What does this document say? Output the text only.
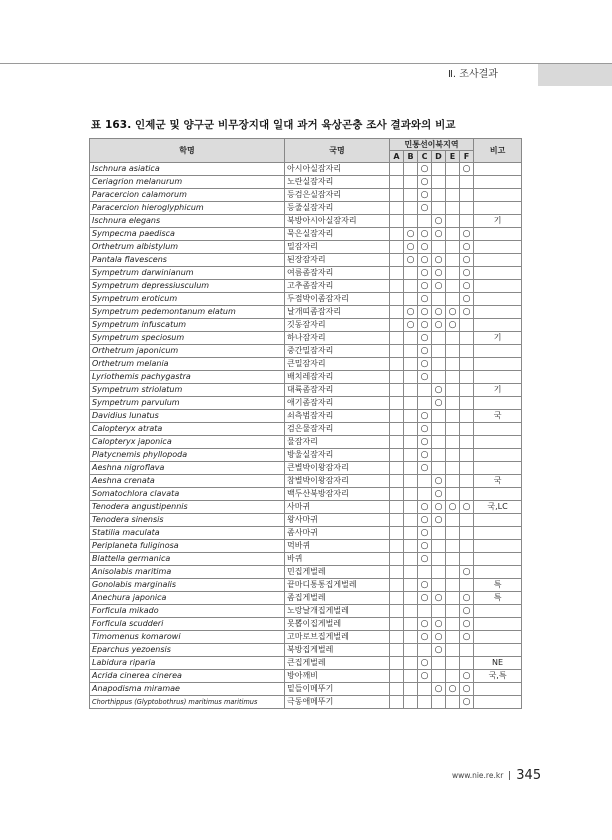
Ⅱ. 조사결과
표 163. 인제군 및 양구군 비무장지대 일대 과거 육상곤충 조사 결과와의 비교
학명	국명	민통선이북지역						비고
		A	B	C	D	E	F	
Ischnura asiatica	아시아실잠자리			○			○	
Ceriagrion melanurum	노란실잠자리			○				
Paracercion calamorum	등검은실잠자리			○				
Paracercion hieroglyphicum	등줄실잠자리			○				
Ischnura elegans	북방아시아실잠자리				○			기
Sympecma paedisca	묵은실잠자리		○	○	○		○	
Orthetrum albistylum	밀잠자리		○	○			○	
Pantala flavescens	된장잠자리		○	○	○		○	
Sympetrum darwinianum	여름좀잠자리			○	○		○	
Sympetrum depressiusculum	고추좀잠자리			○	○		○	
Sympetrum eroticum	두점박이좀잠자리			○			○	
Sympetrum pedemontanum elatum	날개띠좀잠자리		○	○	○	○	○	
Sympetrum infuscatum	깃동잠자리		○	○	○	○		
Sympetrum speciosum	하나잠자리			○				기
Orthetrum japonicum	중간밀잠자리			○				
Orthetrum melania	큰밀잠자리			○				
Lyriothemis pachygastra	배치레잠자리			○				
Sympetrum striolatum	대륙좀잠자리				○			기
Sympetrum parvulum	애기좀잠자리				○			
Davidius lunatus	쇠측범잠자리			○				국
Calopteryx atrata	검은물잠자리			○				
Calopteryx japonica	물잠자리			○				
Platycnemis phyllopoda	방울실잠자리			○				
Aeshna nigroflava	큰별박이왕잠자리			○				
Aeshna crenata	참별박이왕잠자리				○			국
Somatochlora clavata	백두산북방잠자리				○			
Tenodera angustipennis	사마귀			○	○	○	○	국,LC
Tenodera sinensis	왕사마귀			○	○			
Statilia maculata	좀사마귀			○				
Periplaneta fuliginosa	먹바퀴			○				
Blattella germanica	바퀴			○				
Anisolabis maritima	민집게벌레						○	
Gonolabis marginalis	끝마디통통집게벌레			○				특
Anechura japonica	좀집게벌레			○	○		○	특
Forficula mikado	노랑날개집게벌레						○	
Forficula scudderi	못뽑이집게벌레			○	○		○	
Timomenus komarowi	고마로브집게벌레			○	○		○	
Eparchus yezoensis	북방집게벌레				○			
Labidura riparia	큰집게벌레			○				NE
Acrida cinerea cinerea	방아깨비			○			○	국,특
Anapodisma miramae	밑들이메뚜기				○	○	○	
Chorthippus (Glyptobothrus) maritimus maritimus	극동애메뚜기						○	
www.nie.re.kr 345
